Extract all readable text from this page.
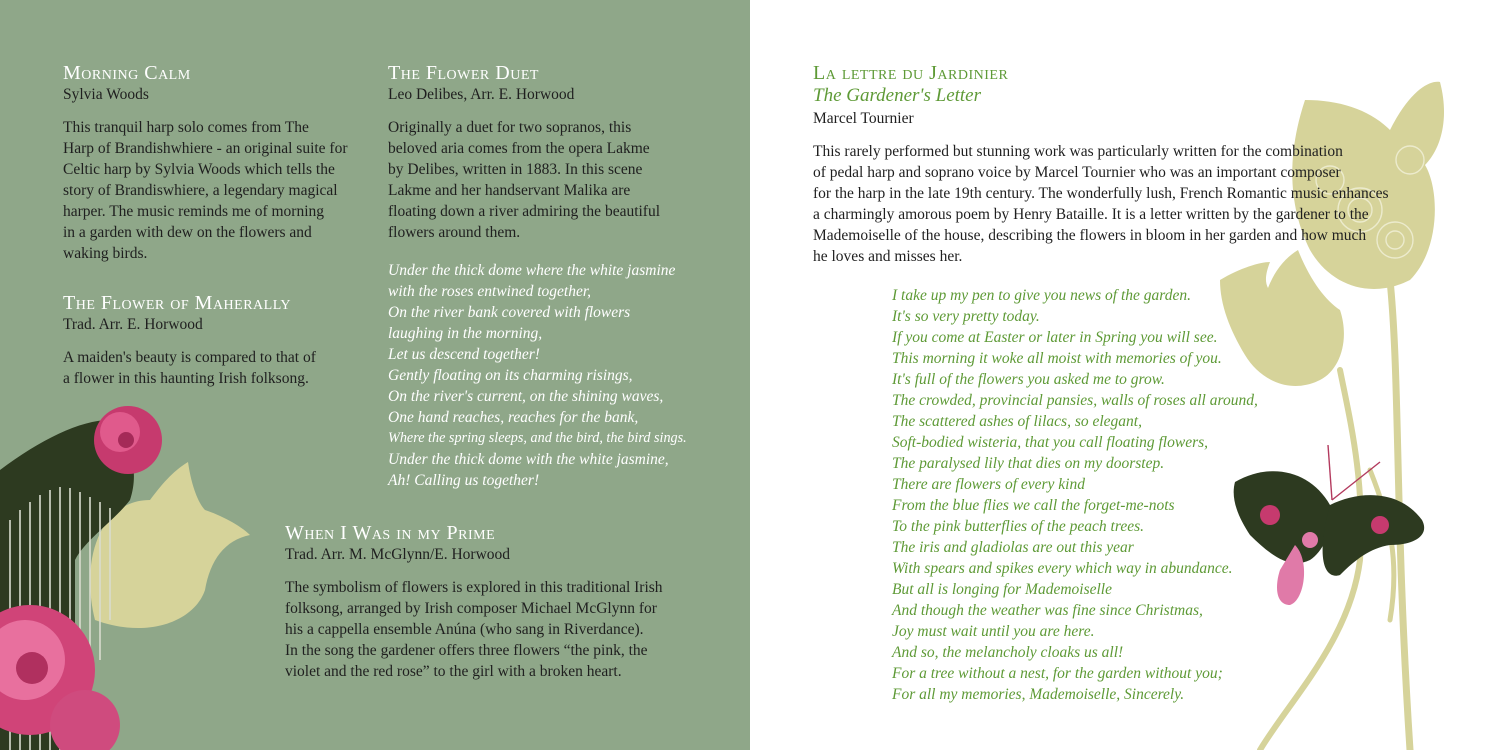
Morning Calm
Sylvia Woods
This tranquil harp solo comes from The
Harp of Brandishwhiere - an original suite for
Celtic harp by Sylvia Woods which tells the
story of Brandiswhiere, a legendary magical
harper. The music reminds me of morning
in a garden with dew on the flowers and
waking birds.
The Flower of Maherally
Trad. Arr. E. Horwood
A maiden's beauty is compared to that of
a flower in this haunting Irish folksong.
The Flower Duet
Leo Delibes, Arr. E. Horwood
Originally a duet for two sopranos, this
beloved aria comes from the opera Lakme
by Delibes, written in 1883. In this scene
Lakme and her handservant Malika are
floating down a river admiring the beautiful
flowers around them.
Under the thick dome where the white jasmine
with the roses entwined together,
On the river bank covered with flowers
laughing in the morning,
Let us descend together!
Gently floating on its charming risings,
On the river's current, on the shining waves,
One hand reaches, reaches for the bank,
Where the spring sleeps, and the bird, the bird sings.
Under the thick dome with the white jasmine,
Ah! Calling us together!
When I Was in my Prime
Trad. Arr. M. McGlynn/E. Horwood
The symbolism of flowers is explored in this traditional Irish
folksong, arranged by Irish composer Michael McGlynn for
his a cappella ensemble Anúna (who sang in Riverdance).
In the song the gardener offers three flowers “the pink, the
violet and the red rose” to the girl with a broken heart.
La lettre du Jardinier
The Gardener's Letter
Marcel Tournier
This rarely performed but stunning work was particularly written for the combination
of pedal harp and soprano voice by Marcel Tournier who was an important composer
for the harp in the late 19th century. The wonderfully lush, French Romantic music enhances
a charmingly amorous poem by Henry Bataille. It is a letter written by the gardener to the
Mademoiselle of the house, describing the flowers in bloom in her garden and how much
he loves and misses her.
I take up my pen to give you news of the garden.
It's so very pretty today.
If you come at Easter or later in Spring you will see.
This morning it woke all moist with memories of you.
It's full of the flowers you asked me to grow.
The crowded, provincial pansies, walls of roses all around,
The scattered ashes of lilacs, so elegant,
Soft-bodied wisteria, that you call floating flowers,
The paralysed lily that dies on my doorstep.
There are flowers of every kind
From the blue flies we call the forget-me-nots
To the pink butterflies of the peach trees.
The iris and gladiolas are out this year
With spears and spikes every which way in abundance.
But all is longing for Mademoiselle
And though the weather was fine since Christmas,
Joy must wait until you are here.
And so, the melancholy cloaks us all!
For a tree without a nest, for the garden without you;
For all my memories, Mademoiselle, Sincerely.
